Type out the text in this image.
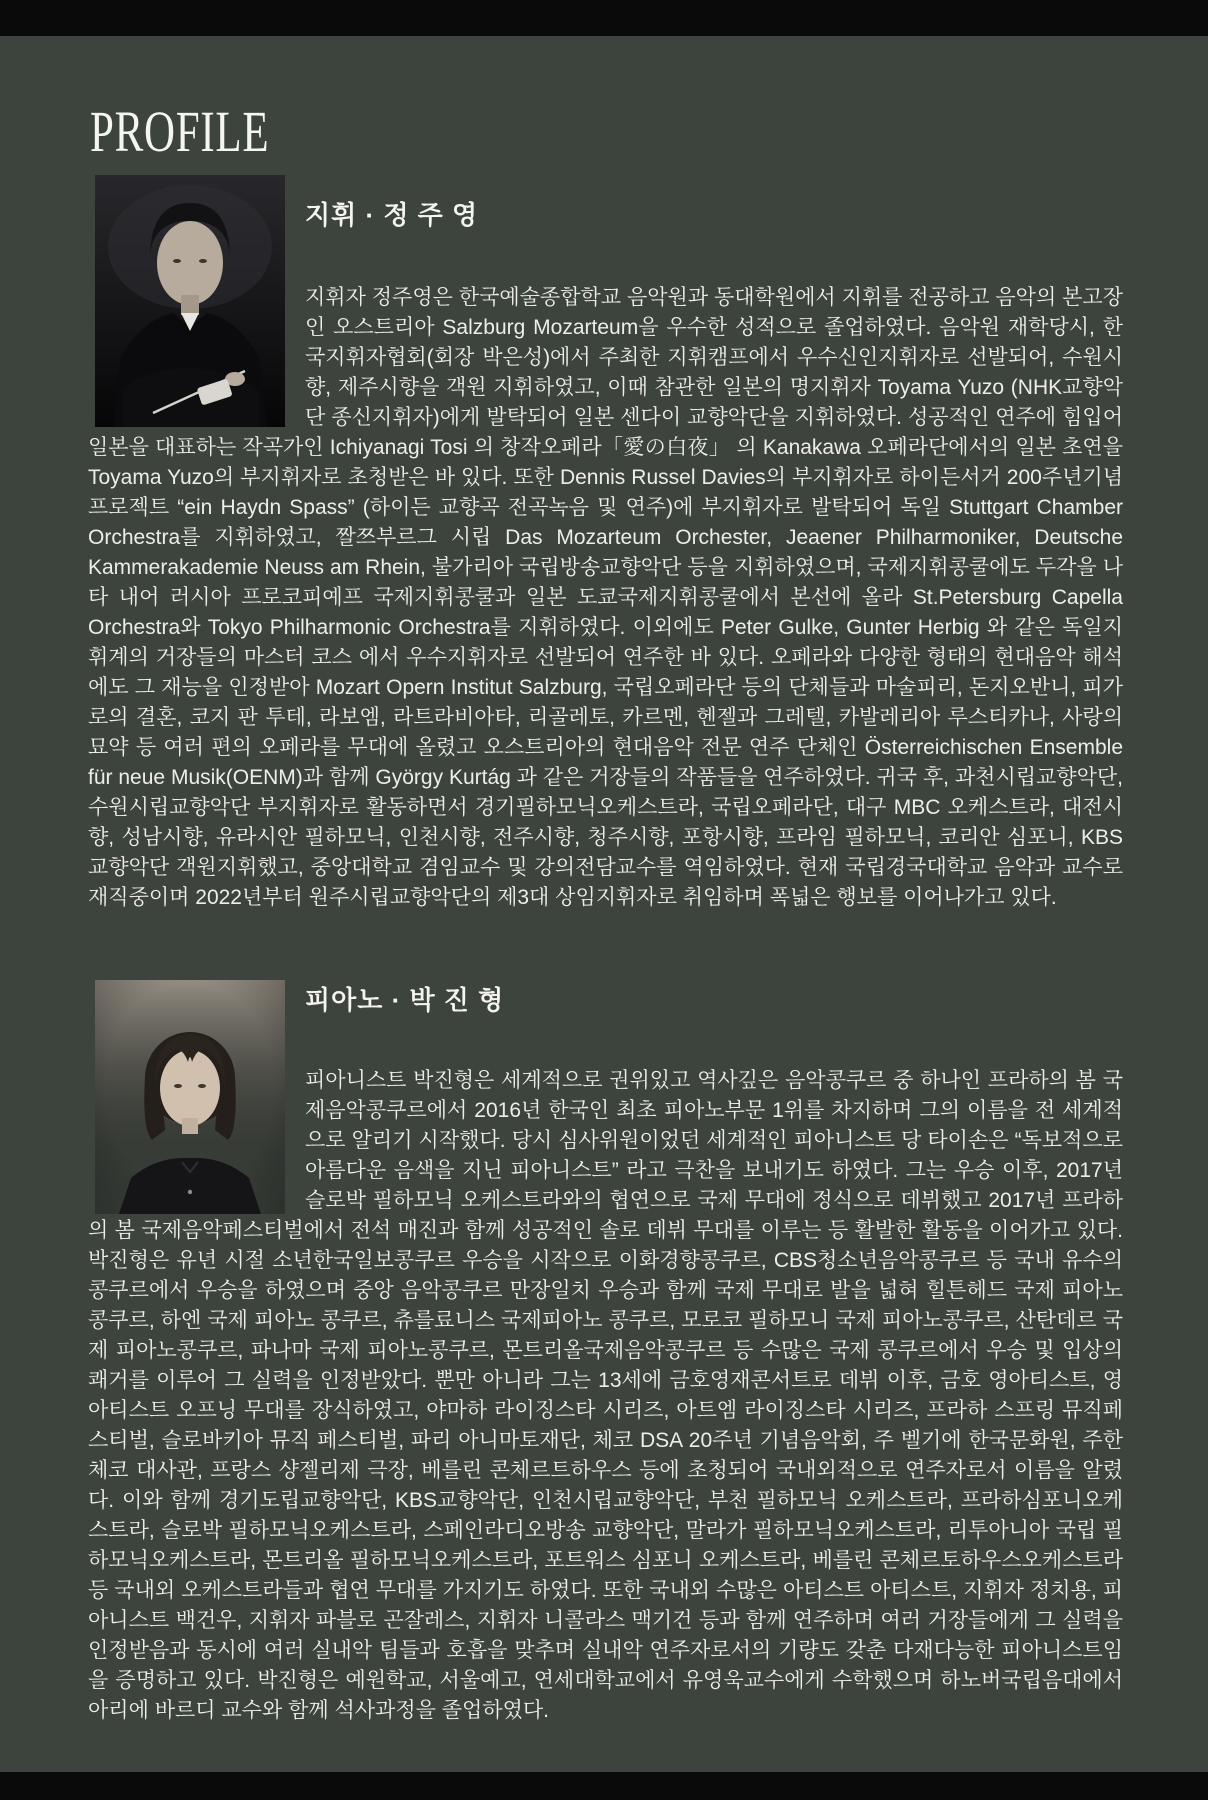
PROFILE
지휘 · 정 주 영

지휘자 정주영은 한국예술종합학교 음악원과 동대학원에서 지휘를 전공하고 음악의 본고장인 오스트리아 Salzburg Mozarteum을 우수한 성적으로 졸업하였다. 음악원 재학당시, 한국지휘자협회(회장 박은성)에서 주최한 지휘캠프에서 우수신인지휘자로 선발되어, 수원시향, 제주시향을 객원 지휘하였고, 이때 참관한 일본의 명지휘자 Toyama Yuzo (NHK교향악단 종신지휘자)에게 발탁되어 일본 센다이 교향악단을 지휘하였다. 성공적인 연주에 힘입어 일본을 대표하는 작곡가인 Ichiyanagi Tosi 의 창작오페라「愛の白夜」 의 Kanakawa 오페라단에서의 일본 초연을 Toyama Yuzo의 부지휘자로 초청받은 바 있다. 또한 Dennis Russel Davies의 부지휘자로 하이든서거 200주년기념 프로젝트 “ein Haydn Spass” (하이든 교향곡 전곡녹음 및 연주)에 부지휘자로 발탁되어 독일 Stuttgart Chamber Orchestra를 지휘하였고, 짤쯔부르그 시립 Das Mozarteum Orchester, Jeaener Philharmoniker, Deutsche Kammerakademie Neuss am Rhein, 불가리아 국립방송교향악단 등을 지휘하였으며, 국제지휘콩쿨에도 두각을 나타 내어 러시아 프로코피예프 국제지휘콩쿨과 일본 도쿄국제지휘콩쿨에서 본선에 올라 St.Petersburg Capella Orchestra와 Tokyo Philharmonic Orchestra를 지휘하였다. 이외에도 Peter Gulke, Gunter Herbig 와 같은 독일지휘계의 거장들의 마스터 코스 에서 우수지휘자로 선발되어 연주한 바 있다. 오페라와 다양한 형태의 현대음악 해석에도 그 재능을 인정받아 Mozart Opern Institut Salzburg, 국립오페라단 등의 단체들과 마술피리, 돈지오반니, 피가로의 결혼, 코지 판 투테, 라보엠, 라트라비아타, 리골레토, 카르멘, 헨젤과 그레텔, 카발레리아 루스티카나, 사랑의 묘약 등 여러 편의 오페라를 무대에 올렸고 오스트리아의 현대음악 전문 연주 단체인 Österreichischen Ensemble für neue Musik(OENM)과 함께 György Kurtág 과 같은 거장들의 작품들을 연주하였다. 귀국 후, 과천시립교향악단, 수원시립교향악단 부지휘자로 활동하면서 경기필하모닉오케스트라, 국립오페라단, 대구 MBC 오케스트라, 대전시향, 성남시향, 유라시안 필하모닉, 인천시향, 전주시향, 청주시향, 포항시향, 프라임 필하모닉, 코리안 심포니, KBS교향악단 객원지휘했고, 중앙대학교 겸임교수 및 강의전담교수를 역임하였다. 현재 국립경국대학교 음악과 교수로 재직중이며 2022년부터 원주시립교향악단의 제3대 상임지휘자로 취임하며 폭넓은 행보를 이어나가고 있다.

피아노 · 박 진 형

피아니스트 박진형은 세계적으로 권위있고 역사깊은 음악콩쿠르 중 하나인 프라하의 봄 국제음악콩쿠르에서 2016년 한국인 최초 피아노부문 1위를 차지하며 그의 이름을 전 세계적으로 알리기 시작했다. 당시 심사위원이었던 세계적인 피아니스트 당 타이손은 “독보적으로 아름다운 음색을 지닌 피아니스트” 라고 극찬을 보내기도 하였다. 그는 우승 이후, 2017년 슬로박 필하모닉 오케스트라와의 협연으로 국제 무대에 정식으로 데뷔했고 2017년 프라하의 봄 국제음악페스티벌에서 전석 매진과 함께 성공적인 솔로 데뷔 무대를 이루는 등 활발한 활동을 이어가고 있다. 박진형은 유년 시절 소년한국일보콩쿠르 우승을 시작으로 이화경향콩쿠르, CBS청소년음악콩쿠르 등 국내 유수의 콩쿠르에서 우승을 하였으며 중앙 음악콩쿠르 만장일치 우승과 함께 국제 무대로 발을 넓혀 힐튼헤드 국제 피아노콩쿠르, 하엔 국제 피아노 콩쿠르, 츄를료니스 국제피아노 콩쿠르, 모로코 필하모니 국제 피아노콩쿠르, 산탄데르 국제 피아노콩쿠르, 파나마 국제 피아노콩쿠르, 몬트리올국제음악콩쿠르 등 수많은 국제 콩쿠르에서 우승 및 입상의 쾌거를 이루어 그 실력을 인정받았다. 뿐만 아니라 그는 13세에 금호영재콘서트로 데뷔 이후, 금호 영아티스트, 영아티스트 오프닝 무대를 장식하였고, 야마하 라이징스타 시리즈, 아트엠 라이징스타 시리즈, 프라하 스프링 뮤직페스티벌, 슬로바키아 뮤직 페스티벌, 파리 아니마토재단, 체코 DSA 20주년 기념음악회, 주 벨기에 한국문화원, 주한 체코 대사관, 프랑스 샹젤리제 극장, 베를린 콘체르트하우스 등에 초청되어 국내외적으로 연주자로서 이름을 알렸다. 이와 함께 경기도립교향악단, KBS교향악단, 인천시립교향악단, 부천 필하모닉 오케스트라, 프라하심포니오케스트라, 슬로박 필하모닉오케스트라, 스페인라디오방송 교향악단, 말라가 필하모닉오케스트라, 리투아니아 국립 필하모닉오케스트라, 몬트리올 필하모닉오케스트라, 포트워스 심포니 오케스트라, 베를린 콘체르토하우스오케스트라 등 국내외 오케스트라들과 협연 무대를 가지기도 하였다. 또한 국내외 수많은 아티스트 아티스트, 지휘자 정치용, 피아니스트 백건우, 지휘자 파블로 곤잘레스, 지휘자 니콜라스 맥기건 등과 함께 연주하며 여러 거장들에게 그 실력을 인정받음과 동시에 여러 실내악 팀들과 호흡을 맞추며 실내악 연주자로서의 기량도 갖춘 다재다능한 피아니스트임을 증명하고 있다. 박진형은 예원학교, 서울예고, 연세대학교에서 유영욱교수에게 수학했으며 하노버국립음대에서 아리에 바르디 교수와 함께 석사과정을 졸업하였다.
